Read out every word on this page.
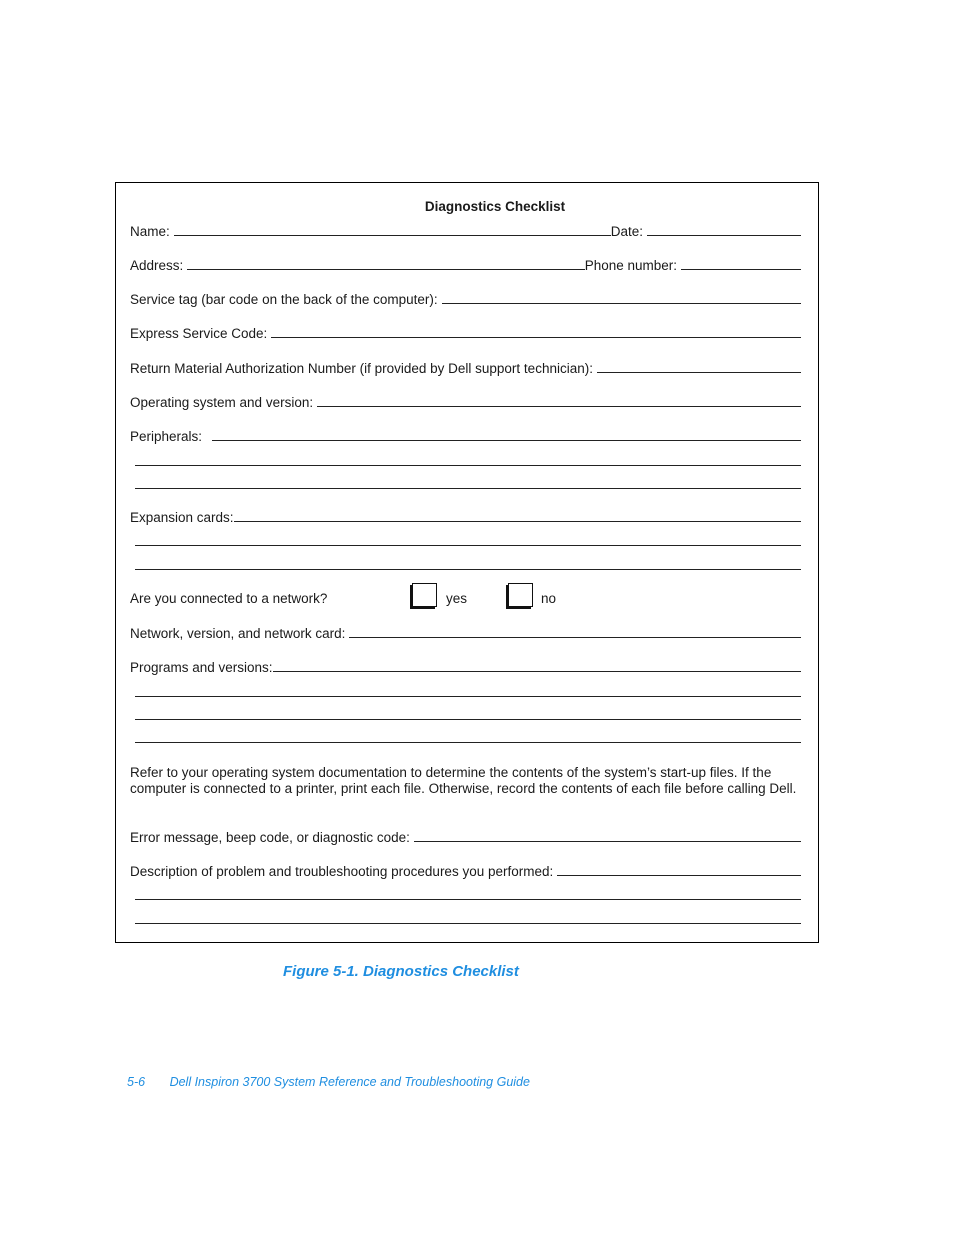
Diagnostics Checklist
Name:	Date:
Address:	Phone number:
Service tag (bar code on the back of the computer):
Express Service Code:
Return Material Authorization Number (if provided by Dell support technician):
Operating system and version:
Peripherals:
Expansion cards:
Are you connected to a network?	yes	no
Network, version, and network card:
Programs and versions:
Refer to your operating system documentation to determine the contents of the system’s start-up files. If the computer is connected to a printer, print each file. Otherwise, record the contents of each file before calling Dell.
Error message, beep code, or diagnostic code:
Description of problem and troubleshooting procedures you performed:
Figure 5-1. Diagnostics Checklist
5-6 Dell Inspiron 3700 System Reference and Troubleshooting Guide
